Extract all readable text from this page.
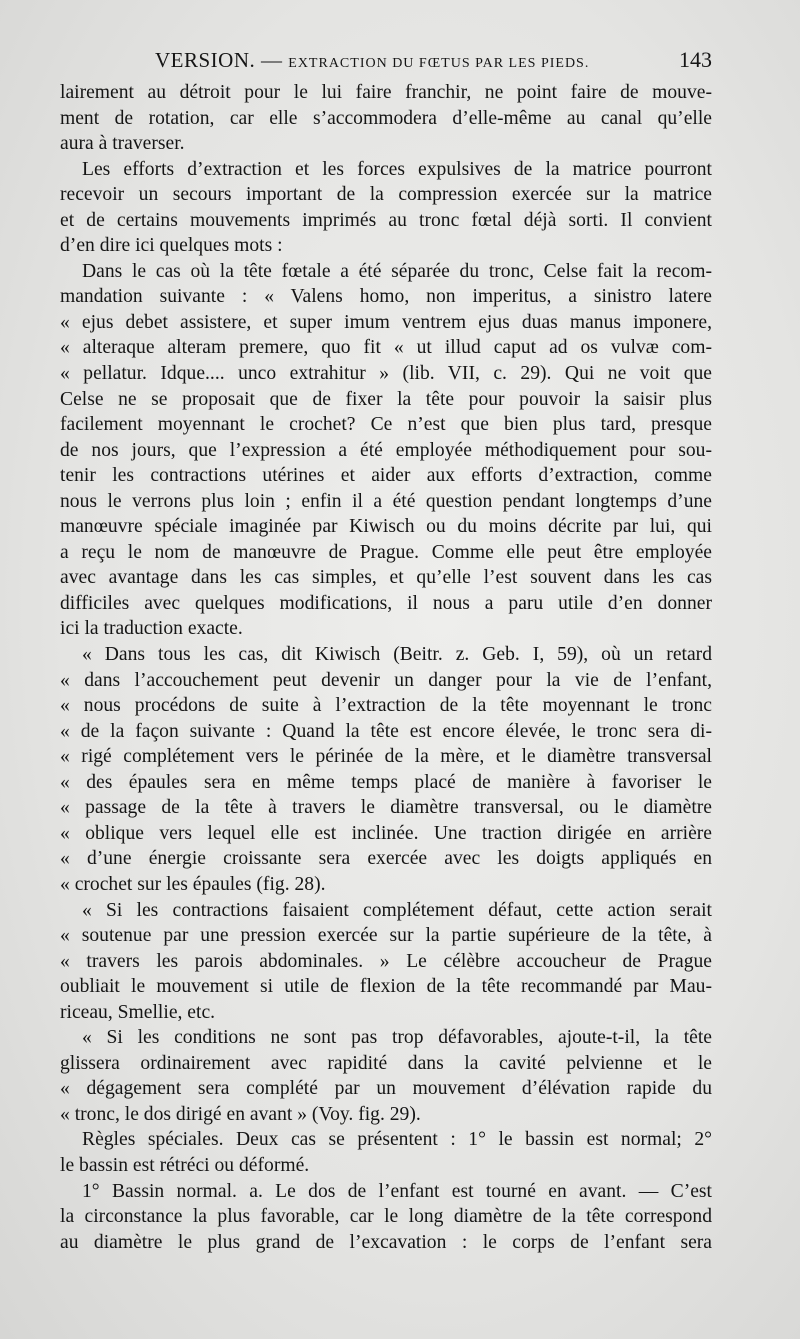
VERSION. — EXTRACTION DU FŒTUS PAR LES PIEDS.	143
lairement au détroit pour le lui faire franchir, ne point faire de mouve-
ment de rotation, car elle s’accommodera d’elle-même au canal qu’elle
aura à traverser.
Les efforts d’extraction et les forces expulsives de la matrice pourront
recevoir un secours important de la compression exercée sur la matrice
et de certains mouvements imprimés au tronc fœtal déjà sorti. Il convient
d’en dire ici quelques mots :
Dans le cas où la tête fœtale a été séparée du tronc, Celse fait la recom-
mandation suivante : « Valens homo, non imperitus, a sinistro latere
« ejus debet assistere, et super imum ventrem ejus duas manus imponere,
« alteraque alteram premere, quo fit « ut illud caput ad os vulvæ com-
« pellatur. Idque.... unco extrahitur » (lib. VII, c. 29). Qui ne voit que
Celse ne se proposait que de fixer la tête pour pouvoir la saisir plus
facilement moyennant le crochet? Ce n’est que bien plus tard, presque
de nos jours, que l’expression a été employée méthodiquement pour sou-
tenir les contractions utérines et aider aux efforts d’extraction, comme
nous le verrons plus loin ; enfin il a été question pendant longtemps d’une
manœuvre spéciale imaginée par Kiwisch ou du moins décrite par lui, qui
a reçu le nom de manœuvre de Prague. Comme elle peut être employée
avec avantage dans les cas simples, et qu’elle l’est souvent dans les cas
difficiles avec quelques modifications, il nous a paru utile d’en donner
ici la traduction exacte.
« Dans tous les cas, dit Kiwisch (Beitr. z. Geb. I, 59), où un retard
« dans l’accouchement peut devenir un danger pour la vie de l’enfant,
« nous procédons de suite à l’extraction de la tête moyennant le tronc
« de la façon suivante : Quand la tête est encore élevée, le tronc sera di-
« rigé complétement vers le périnée de la mère, et le diamètre transversal
« des épaules sera en même temps placé de manière à favoriser le
« passage de la tête à travers le diamètre transversal, ou le diamètre
« oblique vers lequel elle est inclinée. Une traction dirigée en arrière
« d’une énergie croissante sera exercée avec les doigts appliqués en
« crochet sur les épaules (fig. 28).
« Si les contractions faisaient complétement défaut, cette action serait
« soutenue par une pression exercée sur la partie supérieure de la tête, à
« travers les parois abdominales. » Le célèbre accoucheur de Prague
oubliait le mouvement si utile de flexion de la tête recommandé par Mau-
riceau, Smellie, etc.
« Si les conditions ne sont pas trop défavorables, ajoute-t-il, la tête
glissera ordinairement avec rapidité dans la cavité pelvienne et le
« dégagement sera complété par un mouvement d’élévation rapide du
« tronc, le dos dirigé en avant » (Voy. fig. 29).
Règles spéciales. Deux cas se présentent : 1° le bassin est normal; 2°
le bassin est rétréci ou déformé.
1° Bassin normal. a. Le dos de l’enfant est tourné en avant. — C’est
la circonstance la plus favorable, car le long diamètre de la tête correspond
au diamètre le plus grand de l’excavation : le corps de l’enfant sera
